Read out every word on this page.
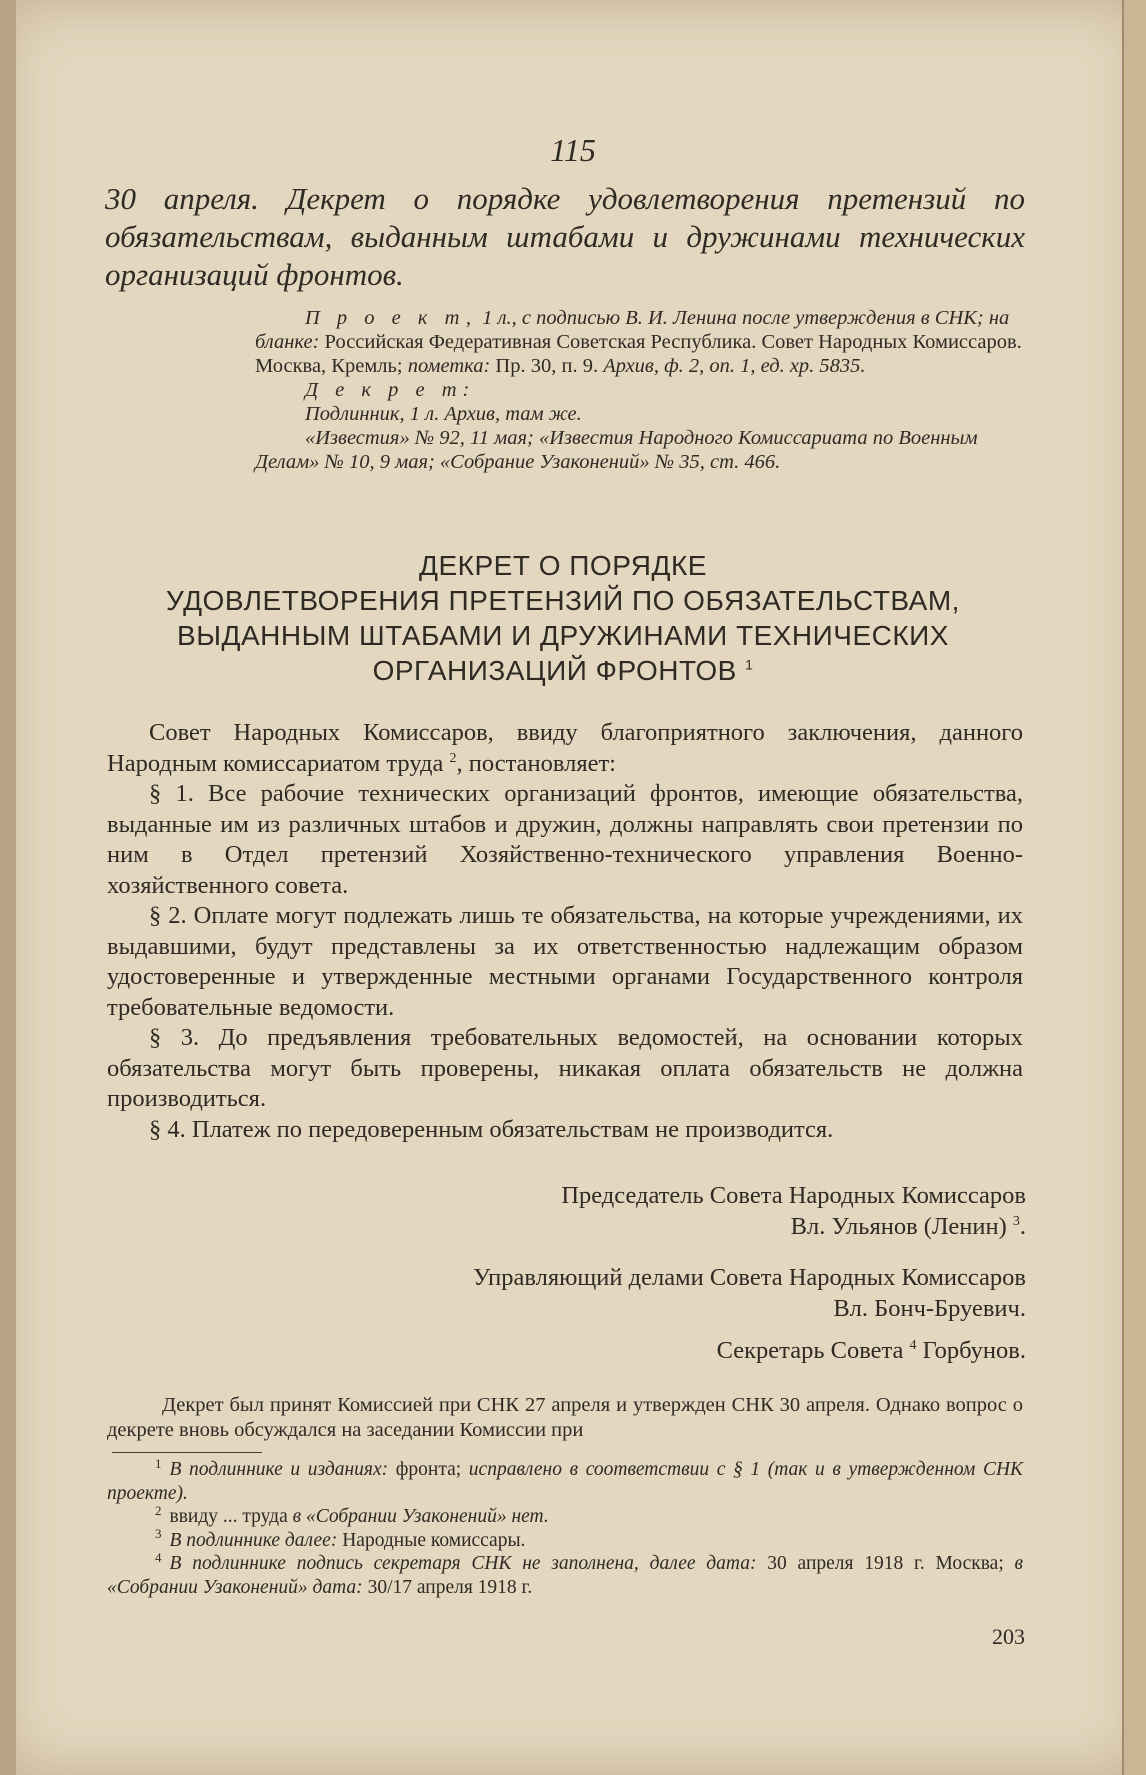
115
30 апреля. Декрет о порядке удовлетворения претензий по обязательствам, выданным штабами и дружинами технических организаций фронтов.

П р о е к т, 1 л., с подписью В. И. Ленина после утверждения в СНК; на бланке: Российская Федеративная Советская Республика. Совет Народных Комиссаров. Москва, Кремль; пометка: Пр. 30, п. 9. Архив, ф. 2, оп. 1, ед. хр. 5835.

Д е к р е т:

Подлинник, 1 л. Архив, там же.

«Известия» № 92, 11 мая; «Известия Народного Комиссариата по Военным Делам» № 10, 9 мая; «Собрание Узаконений» № 35, ст. 466.

ДЕКРЕТ О ПОРЯДКЕ
УДОВЛЕТВОРЕНИЯ ПРЕТЕНЗИЙ ПО ОБЯЗАТЕЛЬСТВАМ,
ВЫДАННЫМ ШТАБАМИ И ДРУЖИНАМИ ТЕХНИЧЕСКИХ
ОРГАНИЗАЦИЙ ФРОНТОВ $^1$

Совет Народных Комиссаров, ввиду благоприятного заключения, данного Народным комиссариатом труда $^2$, постановляет:

§ 1. Все рабочие технических организаций фронтов, имеющие обязательства, выданные им из различных штабов и дружин, должны направлять свои претензии по ним в Отдел претензий Хозяйственно-технического управления Военно-хозяйственного совета.

§ 2. Оплате могут подлежать лишь те обязательства, на которые учреждениями, их выдавшими, будут представлены за их ответственностью надлежащим образом удостоверенные и утвержденные местными органами Государственного контроля требовательные ведомости.

§ 3. До предъявления требовательных ведомостей, на основании которых обязательства могут быть проверены, никакая оплата обязательств не должна производиться.

§ 4. Платеж по передоверенным обязательствам не производится.

Председатель Совета Народных Комиссаров
Вл. Ульянов (Ленин) $^3$.
Управляющий делами Совета Народных Комиссаров
Вл. Бонч-Бруевич.
Секретарь Совета $^4$ Горбунов.

Декрет был принят Комиссией при СНК 27 апреля и утвержден СНК 30 апреля. Однако вопрос о декрете вновь обсуждался на заседании Комиссии при

$^1$ В подлиннике и изданиях: фронта; исправлено в соответствии с § 1 (так и в утвержденном СНК проекте).

$^2$ ввиду ... труда в «Собрании Узаконений» нет.

$^3$ В подлиннике далее: Народные комиссары.

$^4$ В подлиннике подпись секретаря СНК не заполнена, далее дата: 30 апреля 1918 г. Москва; в «Собрании Узаконений» дата: 30/17 апреля 1918 г.

203
